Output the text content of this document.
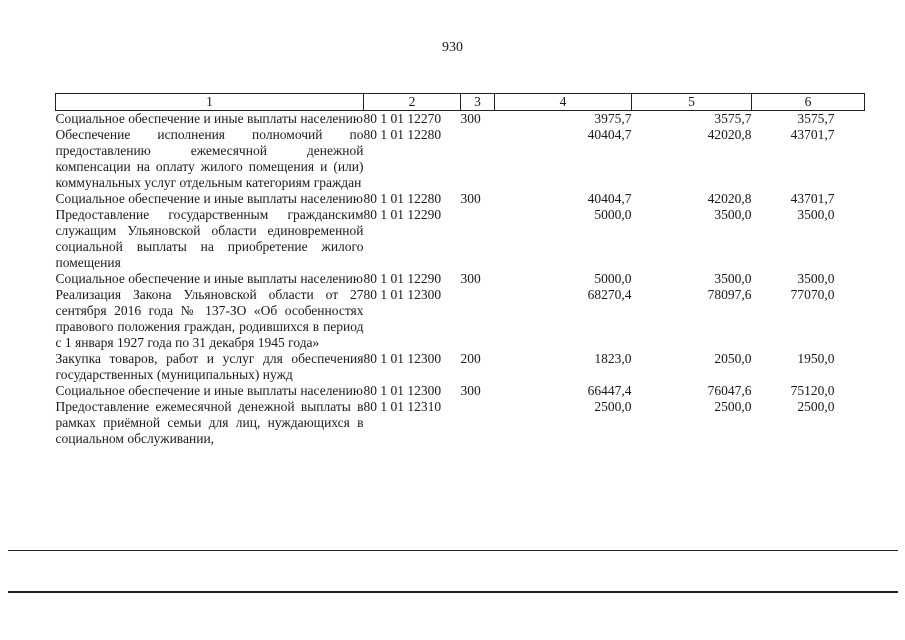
930
1	2	3	4	5	6
Социальное обеспечение и иные выплаты населению	80 1 01 12270	300	3975,7	3575,7	3575,7
Обеспечение исполнения полномочий по предоставлению ежемесячной денежной компенсации на оплату жилого помещения и (или) коммунальных услуг отдельным категориям граждан	80 1 01 12280		40404,7	42020,8	43701,7
Социальное обеспечение и иные выплаты населению	80 1 01 12280	300	40404,7	42020,8	43701,7
Предоставление государственным гражданским служащим Ульяновской области единовременной социальной выплаты на приобретение жилого помещения	80 1 01 12290		5000,0	3500,0	3500,0
Социальное обеспечение и иные выплаты населению	80 1 01 12290	300	5000,0	3500,0	3500,0
Реализация Закона Ульяновской области от 27 сентября 2016 года № 137-ЗО «Об особенностях правового положения граждан, родившихся в период с 1 января 1927 года по 31 декабря 1945 года»	80 1 01 12300		68270,4	78097,6	77070,0
Закупка товаров, работ и услуг для обеспечения государственных (муниципальных) нужд	80 1 01 12300	200	1823,0	2050,0	1950,0
Социальное обеспечение и иные выплаты населению	80 1 01 12300	300	66447,4	76047,6	75120,0
Предоставление ежемесячной денежной выплаты в рамках приёмной семьи для лиц, нуждающихся в социальном обслуживании,	80 1 01 12310		2500,0	2500,0	2500,0
